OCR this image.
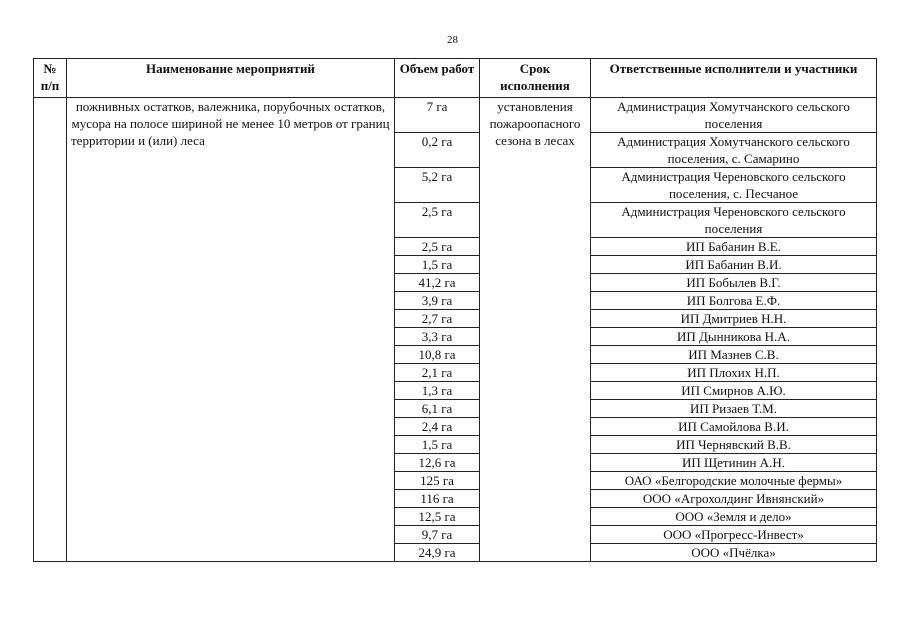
28
№ п/п	Наименование мероприятий	Объем работ	Срок исполнения	Ответственные исполнители и участники
	пожнивных остатков, валежника, порубочных остатков, мусора на полосе шириной не менее 10 метров от границ территории и (или) леса	7 га	установления пожароопасного сезона в лесах	Администрация Хомутчанского сельского поселения
		0,2 га		Администрация Хомутчанского сельского поселения, с. Самарино
		5,2 га		Администрация Череновского сельского поселения, с. Песчаное
		2,5 га		Администрация Череновского сельского поселения
		2,5 га		ИП Бабанин В.Е.
		1,5 га		ИП Бабанин В.И.
		41,2 га		ИП Бобылев В.Г.
		3,9 га		ИП Болгова Е.Ф.
		2,7 га		ИП Дмитриев Н.Н.
		3,3 га		ИП Дынникова Н.А.
		10,8 га		ИП Мазнев С.В.
		2,1 га		ИП Плохих Н.П.
		1,3 га		ИП Смирнов А.Ю.
		6,1 га		ИП Ризаев Т.М.
		2,4 га		ИП Самойлова В.И.
		1,5 га		ИП Чернявский В.В.
		12,6 га		ИП Щетинин А.Н.
		125 га		ОАО «Белгородские молочные фермы»
		116 га		ООО «Агрохолдинг Ивнянский»
		12,5 га		ООО «Земля и дело»
		9,7 га		ООО «Прогресс-Инвест»
		24,9 га		ООО «Пчёлка»
